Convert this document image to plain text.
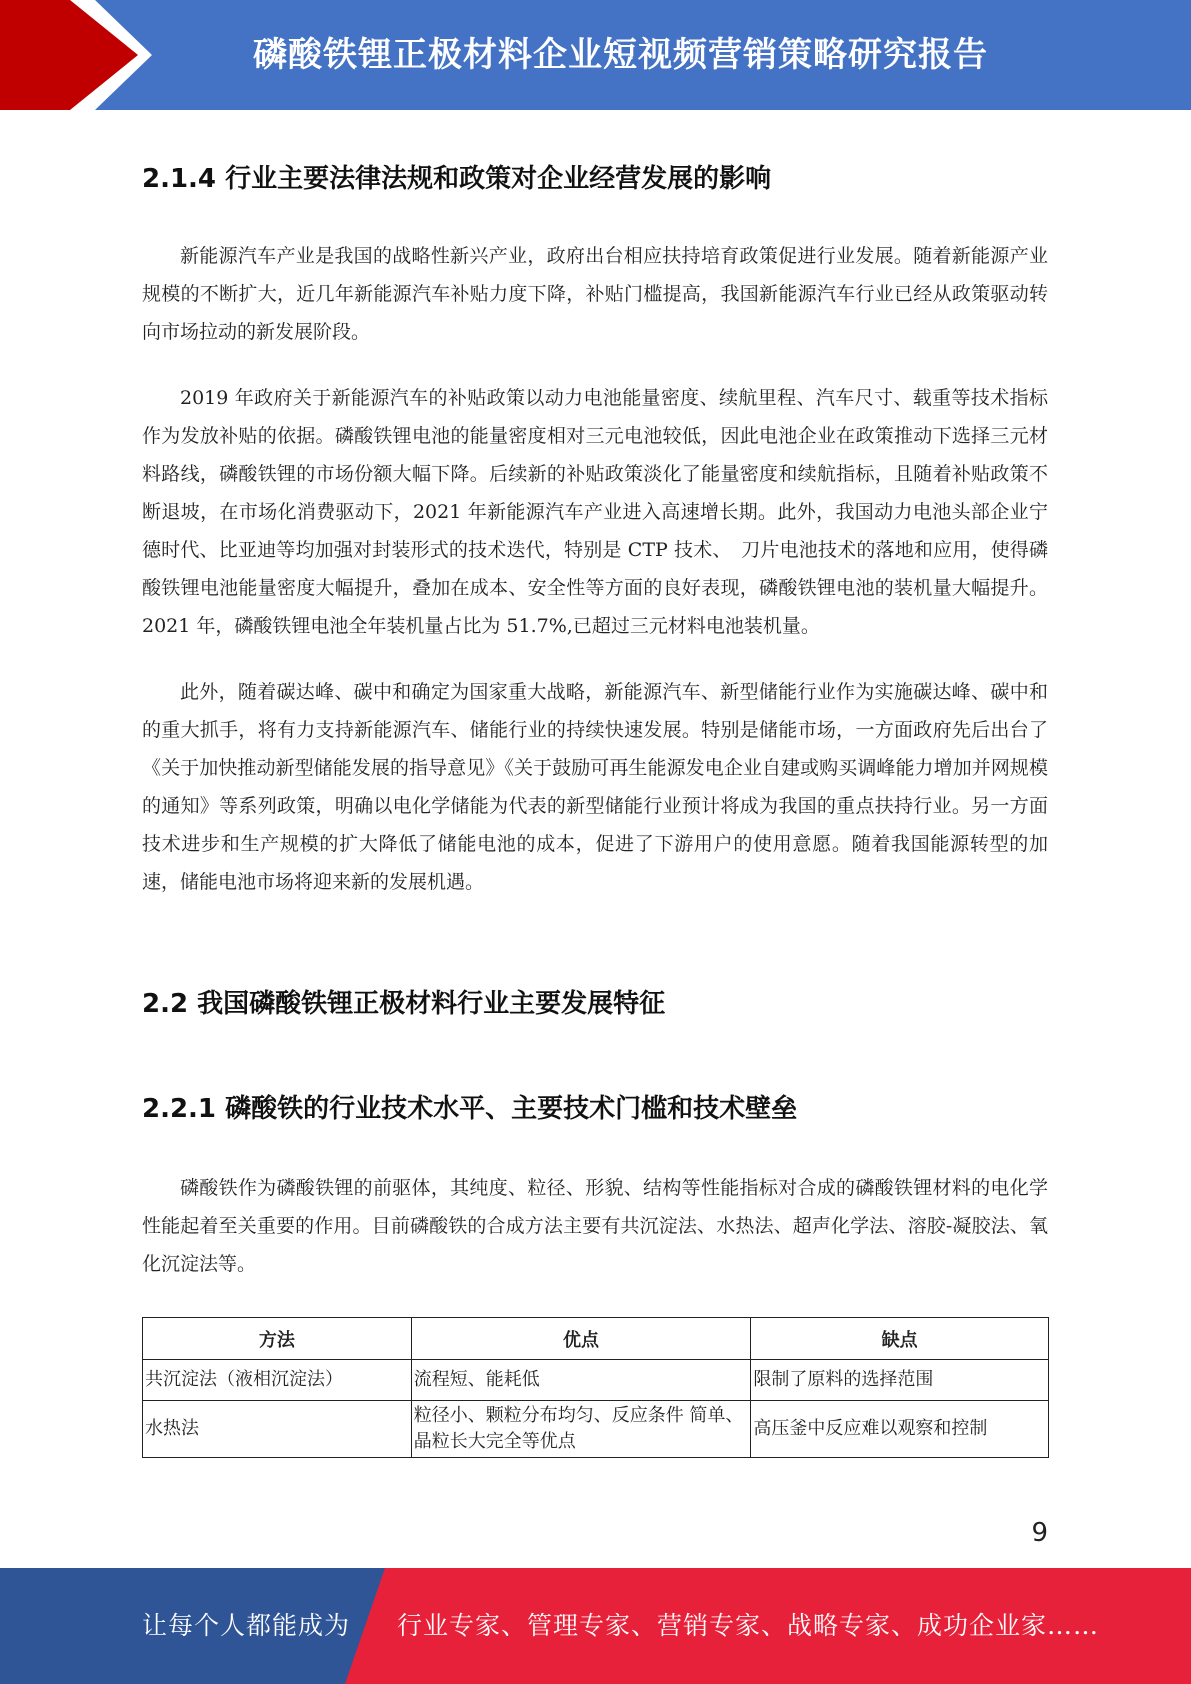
磷酸铁锂正极材料企业短视频营销策略研究报告
2.1.4 行业主要法律法规和政策对企业经营发展的影响

新能源汽车产业是我国的战略性新兴产业，政府出台相应扶持培育政策促进行业发展。随着新能源产业规模的不断扩大，近几年新能源汽车补贴力度下降，补贴门槛提高，我国新能源汽车行业已经从政策驱动转向市场拉动的新发展阶段。

2019 年政府关于新能源汽车的补贴政策以动力电池能量密度、续航里程、汽车尺寸、载重等技术指标作为发放补贴的依据。磷酸铁锂电池的能量密度相对三元电池较低，因此电池企业在政策推动下选择三元材料路线，磷酸铁锂的市场份额大幅下降。后续新的补贴政策淡化了能量密度和续航指标，且随着补贴政策不断退坡，在市场化消费驱动下，2021 年新能源汽车产业进入高速增长期。此外，我国动力电池头部企业宁德时代、比亚迪等均加强对封装形式的技术迭代，特别是 CTP 技术、　刀片电池技术的落地和应用，使得磷酸铁锂电池能量密度大幅提升，叠加在成本、安全性等方面的良好表现，磷酸铁锂电池的装机量大幅提升。2021 年，磷酸铁锂电池全年装机量占比为 51.7%,已超过三元材料电池装机量。

此外，随着碳达峰、碳中和确定为国家重大战略，新能源汽车、新型储能行业作为实施碳达峰、碳中和的重大抓手，将有力支持新能源汽车、储能行业的持续快速发展。特别是储能市场，一方面政府先后出台了《关于加快推动新型储能发展的指导意见》《关于鼓励可再生能源发电企业自建或购买调峰能力增加并网规模的通知》等系列政策，明确以电化学储能为代表的新型储能行业预计将成为我国的重点扶持行业。另一方面技术进步和生产规模的扩大降低了储能电池的成本，促进了下游用户的使用意愿。随着我国能源转型的加速，储能电池市场将迎来新的发展机遇。

2.2 我国磷酸铁锂正极材料行业主要发展特征
2.2.1 磷酸铁的行业技术水平、主要技术门槛和技术壁垒

磷酸铁作为磷酸铁锂的前驱体，其纯度、粒径、形貌、结构等性能指标对合成的磷酸铁锂材料的电化学性能起着至关重要的作用。目前磷酸铁的合成方法主要有共沉淀法、水热法、超声化学法、溶胶-凝胶法、氧化沉淀法等。

方法	优点	缺点
共沉淀法（液相沉淀法）	流程短、能耗低	限制了原料的选择范围
水热法	粒径小、颗粒分布均匀、反应条件 简单、晶粒长大完全等优点	高压釜中反应难以观察和控制
9
让每个人都能成为 行业专家、管理专家、营销专家、战略专家、成功企业家……
